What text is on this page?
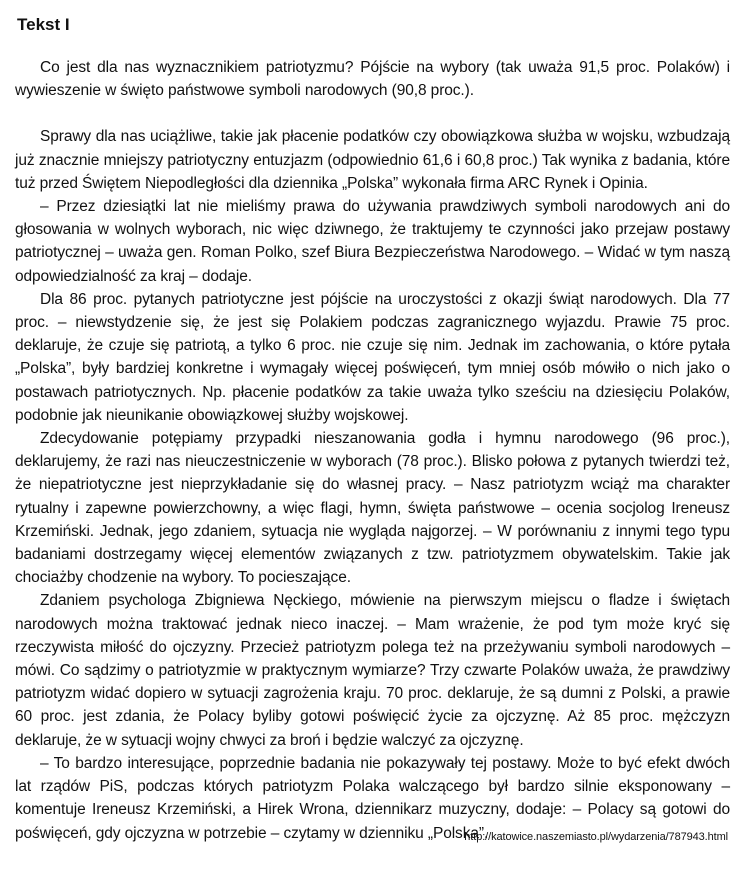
Tekst I

Co jest dla nas wyznacznikiem patriotyzmu? Pójście na wybory (tak uważa 91,5 proc. Polaków) i wywieszenie w święto państwowe symboli narodowych (90,8 proc.).

Sprawy dla nas uciążliwe, takie jak płacenie podatków czy obowiązkowa służba w wojsku, wzbudzają już znacznie mniejszy patriotyczny entuzjazm (odpowiednio 61,6 i 60,8 proc.) Tak wynika z badania, które tuż przed Świętem Niepodległości dla dziennika „Polska” wykonała firma ARC Rynek i Opinia.

– Przez dziesiątki lat nie mieliśmy prawa do używania prawdziwych symboli narodowych ani do głosowania w wolnych wyborach, nic więc dziwnego, że traktujemy te czynności jako przejaw postawy patriotycznej – uważa gen. Roman Polko, szef Biura Bezpieczeństwa Narodowego. – Widać w tym naszą odpowiedzialność za kraj – dodaje.

Dla 86 proc. pytanych patriotyczne jest pójście na uroczystości z okazji świąt narodowych. Dla 77 proc. – niewstydzenie się, że jest się Polakiem podczas zagranicznego wyjazdu. Prawie 75 proc. deklaruje, że czuje się patriotą, a tylko 6 proc. nie czuje się nim. Jednak im zachowania, o które pytała „Polska”, były bardziej konkretne i wymagały więcej poświęceń, tym mniej osób mówiło o nich jako o postawach patriotycznych. Np. płacenie podatków za takie uważa tylko sześciu na dziesięciu Polaków, podobnie jak nieunikanie obowiązkowej służby wojskowej.

Zdecydowanie potępiamy przypadki nieszanowania godła i hymnu narodowego (96 proc.), deklarujemy, że razi nas nieuczestniczenie w wyborach (78 proc.). Blisko połowa z pytanych twierdzi też, że niepatriotyczne jest nieprzykładanie się do własnej pracy. – Nasz patriotyzm wciąż ma charakter rytualny i zapewne powierzchowny, a więc flagi, hymn, święta państwowe – ocenia socjolog Ireneusz Krzemiński. Jednak, jego zdaniem, sytuacja nie wygląda najgorzej. – W porównaniu z innymi tego typu badaniami dostrzegamy więcej elementów związanych z tzw. patriotyzmem obywatelskim. Takie jak chociażby chodzenie na wybory. To pocieszające.

Zdaniem psychologa Zbigniewa Nęckiego, mówienie na pierwszym miejscu o fladze i świętach narodowych można traktować jednak nieco inaczej. – Mam wrażenie, że pod tym może kryć się rzeczywista miłość do ojczyzny. Przecież patriotyzm polega też na przeżywaniu symboli narodowych – mówi. Co sądzimy o patriotyzmie w praktycznym wymiarze? Trzy czwarte Polaków uważa, że prawdziwy patriotyzm widać dopiero w sytuacji zagrożenia kraju. 70 proc. deklaruje, że są dumni z Polski, a prawie 60 proc. jest zdania, że Polacy byliby gotowi poświęcić życie za ojczyznę. Aż 85 proc. mężczyzn deklaruje, że w sytuacji wojny chwyci za broń i będzie walczyć za ojczyznę.

– To bardzo interesujące, poprzednie badania nie pokazywały tej postawy. Może to być efekt dwóch lat rządów PiS, podczas których patriotyzm Polaka walczącego był bardzo silnie eksponowany – komentuje Ireneusz Krzemiński, a Hirek Wrona, dziennikarz muzyczny, dodaje: – Polacy są gotowi do poświęceń, gdy ojczyzna w potrzebie – czytamy w dzienniku „Polska”.

http://katowice.naszemiasto.pl/wydarzenia/787943.html
